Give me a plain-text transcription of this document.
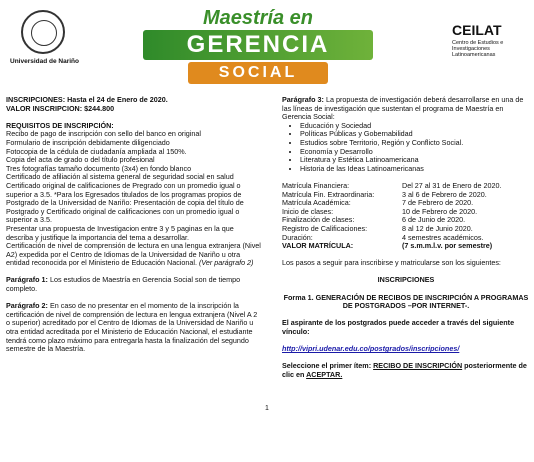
Universidad de Nariño
Maestría en
GERENCIA
SOCIAL
CEILAT
Centro de Estudios e Investigaciones Latinoamericanas

INSCRIPCIONES: Hasta el 24 de Enero de 2020.

VALOR INSCRIPCION: $244.800

REQUISITOS DE INSCRIPCIÓN:

Recibo de pago de inscripción con sello del banco en original

Formulario de inscripción debidamente diligenciado

Fotocopia de la cédula de ciudadanía ampliada al 150%.

Copia del acta de grado o del título profesional

Tres fotografías tamaño documento (3x4) en fondo blanco

Certificado de afiliación al sistema general de seguridad social en salud

Certificado original de calificaciones de Pregrado con un promedio igual o superior a 3.5. *Para los Egresados titulados de los programas propios de Postgrado de la Universidad de Nariño: Presentación de copia del título de Postgrado y Certificado original de calificaciones con un promedio igual o superior a 3.5.

Presentar una propuesta de Investigacion entre 3 y 5 paginas en la que describa y justifique la importancia del tema a desarrollar.

Certificación de nivel de comprensión de lectura en una lengua extranjera (Nivel A2) expedida por el Centro de Idiomas de la Universidad de Nariño u otra entidad reconocida por el Ministerio de Educación Nacional. (Ver parágrafo 2)

Parágrafo 1: Los estudios de Maestría en Gerencia Social son de tiempo completo.

Parágrafo 2: En caso de no presentar en el momento de la inscripción la certificación de nivel de comprensión de lectura en lengua extranjera (Nivel A 2 o superior) acreditado por el Centro de Idiomas de la Universidad de Nariño u otra entidad acreditada por el Ministerio de Educación Nacional, el estudiante tendrá como plazo máximo para entregarla hasta la finalización del segundo semestre de la Maestría.

Parágrafo 3: La propuesta de investigación deberá desarrollarse en una de las líneas de investigación que sustentan el programa de Maestría en Gerencia Social:

• Educación y Sociedad
• Políticas Públicas y Gobernabilidad
• Estudios sobre Territorio, Región y Conflicto Social.
• Economía y Desarrollo
• Literatura y Estética Latinoamericana
• Historia de las Ideas Latinoamericanas
Matrícula Financiera:	Del 27 al 31 de Enero de 2020.
Matrícula Fin. Extraordinaria:	3 al 6 de Febrero de 2020.
Matrícula Académica:	7 de Febrero de 2020.
Inicio de clases:	10 de Febrero de 2020.
Finalización de clases:	6 de Junio de 2020.
Registro de Calificaciones:	8 al 12 de Junio 2020.
Duración:	4 semestres académicos.
VALOR MATRÍCULA:	(7 s.m.m.l.v. por semestre)

Los pasos a seguir para inscribirse y matricularse son los siguientes:

INSCRIPCIONES

Forma 1. GENERACIÓN DE RECIBOS DE INSCRIPCIÓN A PROGRAMAS DE POSTGRADOS –POR INTERNET-.

El aspirante de los postgrados puede acceder a través del siguiente vínculo:

http://vipri.udenar.edu.co/postgrados/inscripciones/

Seleccione el primer ítem: RECIBO DE INSCRIPCIÓN posteriormente de clic en ACEPTAR.

1
